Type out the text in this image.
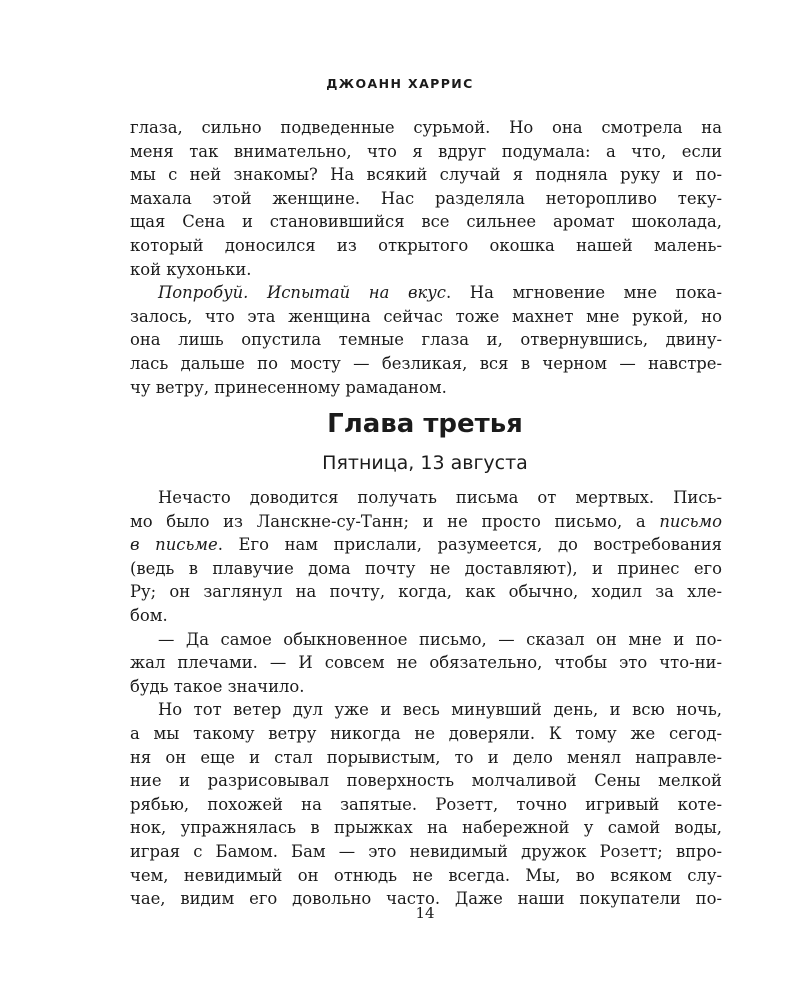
ДЖОАНН ХАРРИС
глаза, сильно подведенные сурьмой. Но она смотрела на
меня так внимательно, что я вдруг подумала: а что, если
мы с ней знакомы? На всякий случай я подняла руку и по-
махала этой женщине. Нас разделяла неторопливо теку-
щая Сена и становившийся все сильнее аромат шоколада,
который доносился из открытого окошка нашей малень-
кой кухоньки.
Попробуй. Испытай на вкус. На мгновение мне пока-
залось, что эта женщина сейчас тоже махнет мне рукой, но
она лишь опустила темные глаза и, отвернувшись, двину-
лась дальше по мосту — безликая, вся в черном — навстре-
чу ветру, принесенному рамаданом.
Глава третья
Пятница, 13 августа
Нечасто доводится получать письма от мертвых. Пись-
мо было из Ланскне-су-Танн; и не просто письмо, а письмо
в письме. Его нам прислали, разумеется, до востребования
(ведь в плавучие дома почту не доставляют), и принес его
Ру; он заглянул на почту, когда, как обычно, ходил за хле-
бом.
— Да самое обыкновенное письмо, — сказал он мне и по-
жал плечами. — И совсем не обязательно, чтобы это что-ни-
будь такое значило.
Но тот ветер дул уже и весь минувший день, и всю ночь,
а мы такому ветру никогда не доверяли. К тому же сегод-
ня он еще и стал порывистым, то и дело менял направле-
ние и разрисовывал поверхность молчаливой Сены мелкой
рябью, похожей на запятые. Розетт, точно игривый котe-
нок, упражнялась в прыжках на набережной у самой воды,
играя с Бамом. Бам — это невидимый дружок Розетт; впро-
чем, невидимый он отнюдь не всегда. Мы, во всяком слу-
чае, видим его довольно часто. Даже наши покупатели по-
14
